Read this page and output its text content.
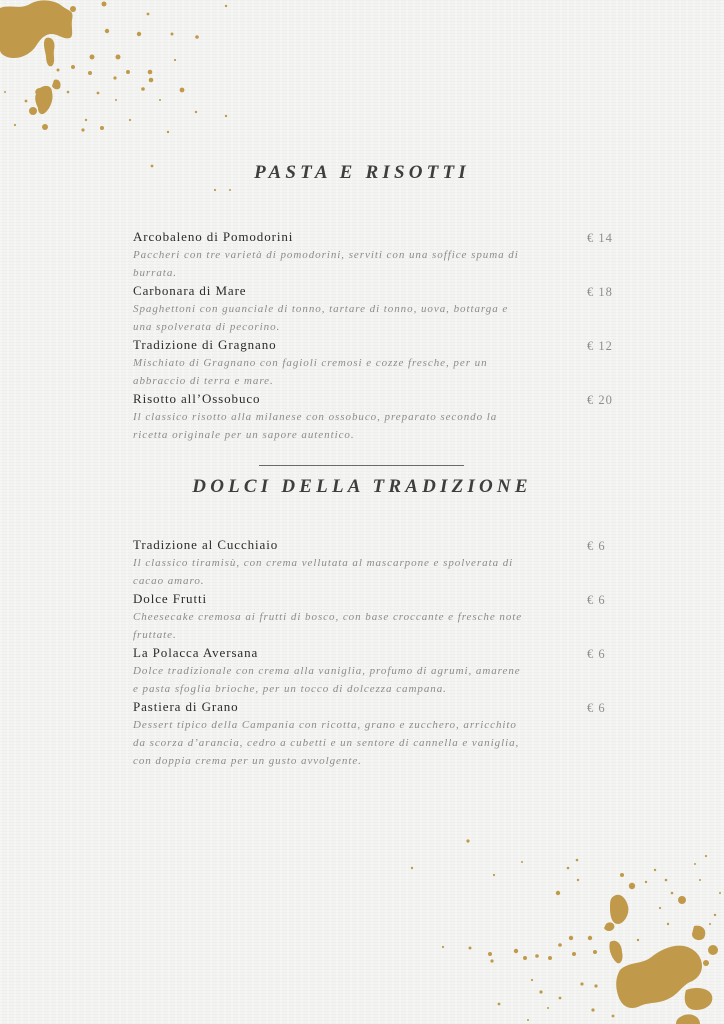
PASTA E RISOTTI
Arcobaleno di Pomodorini
Paccheri con tre varietà di pomodorini, serviti con una soffice spuma di burrata.
€ 14
Carbonara di Mare
Spaghettoni con guanciale di tonno, tartare di tonno, uova, bottarga e una spolverata di pecorino.
€ 18
Tradizione di Gragnano
Mischiato di Gragnano con fagioli cremosi e cozze fresche, per un abbraccio di terra e mare.
€ 12
Risotto all’Ossobuco
Il classico risotto alla milanese con ossobuco, preparato secondo la ricetta originale per un sapore autentico.
€ 20
DOLCI DELLA TRADIZIONE
Tradizione al Cucchiaio
Il classico tiramisù, con crema vellutata al mascarpone e spolverata di cacao amaro.
€ 6
Dolce Frutti
Cheesecake cremosa ai frutti di bosco, con base croccante e fresche note fruttate.
€ 6
La Polacca Aversana
Dolce tradizionale con crema alla vaniglia, profumo di agrumi, amarene e pasta sfoglia brioche, per un tocco di dolcezza campana.
€ 6
Pastiera di Grano
Dessert tipico della Campania con ricotta, grano e zucchero, arricchito da scorza d’arancia, cedro a cubetti e un sentore di cannella e vaniglia, con doppia crema per un gusto avvolgente.
€ 6
